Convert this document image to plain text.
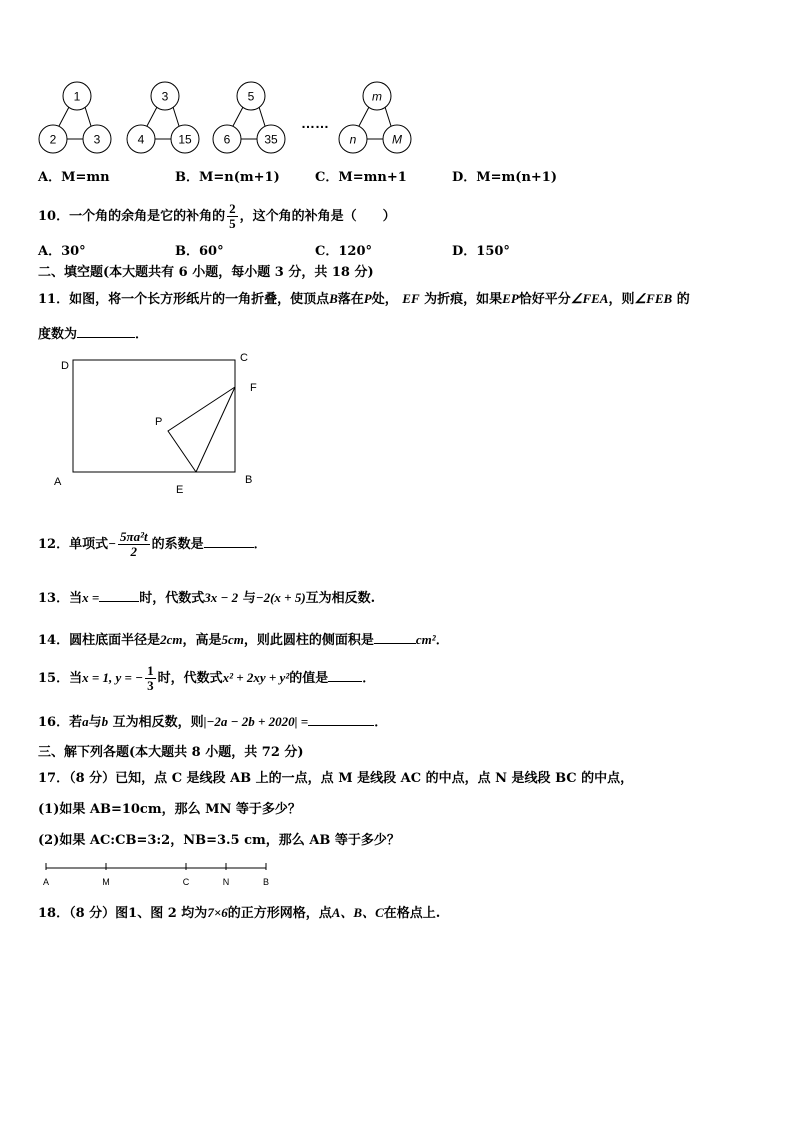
1
2	3
3
4	15
5
6	35
m
n	M
……
A．M=mn	B．M=n(m+1)	C．M=mn+1	D．M=m(n+1)
10．一个角的余角是它的补角的 $\frac{2}{5}$ ，这个角的补角是（　　）
A．30°	B．60°	C．120°	D．150°
二、填空题(本大题共有 6 小题，每小题 3 分，共 18 分)
11．如图，将一个长方形纸片的一角折叠，使顶点B落在P处， EF 为折痕，如果EP恰好平分∠FEA，则∠FEB 的
度数为	．
D
C
F
P
A
E
B
12．单项式− $\frac{\text{5πa²t}}{2}$ 的系数是	．
13．当x =	时，代数式3x − 2 与−2(x + 5)互为相反数.
14．圆柱底面半径是2cm，高是5cm，则此圆柱的侧面积是	cm²．
15．当x = 1, y = − $\frac{1}{3}$ 时，代数式x² + 2xy + y²的值是	．
16．若a与b 互为相反数，则|−2a − 2b + 2020| =	．
三、解下列各题(本大题共 8 小题，共 72 分)
17．（8 分）已知，点 C 是线段 AB 上的一点，点 M 是线段 AC 的中点，点 N 是线段 BC 的中点，
(1)如果 AB=10cm，那么 MN 等于多少？
(2)如果 AC:CB=3:2，NB=3.5 cm，那么 AB 等于多少？
A	M	C	N	B
18．（8 分）图1、图 2 均为7×6的正方形网格，点A、B、C在格点上.
